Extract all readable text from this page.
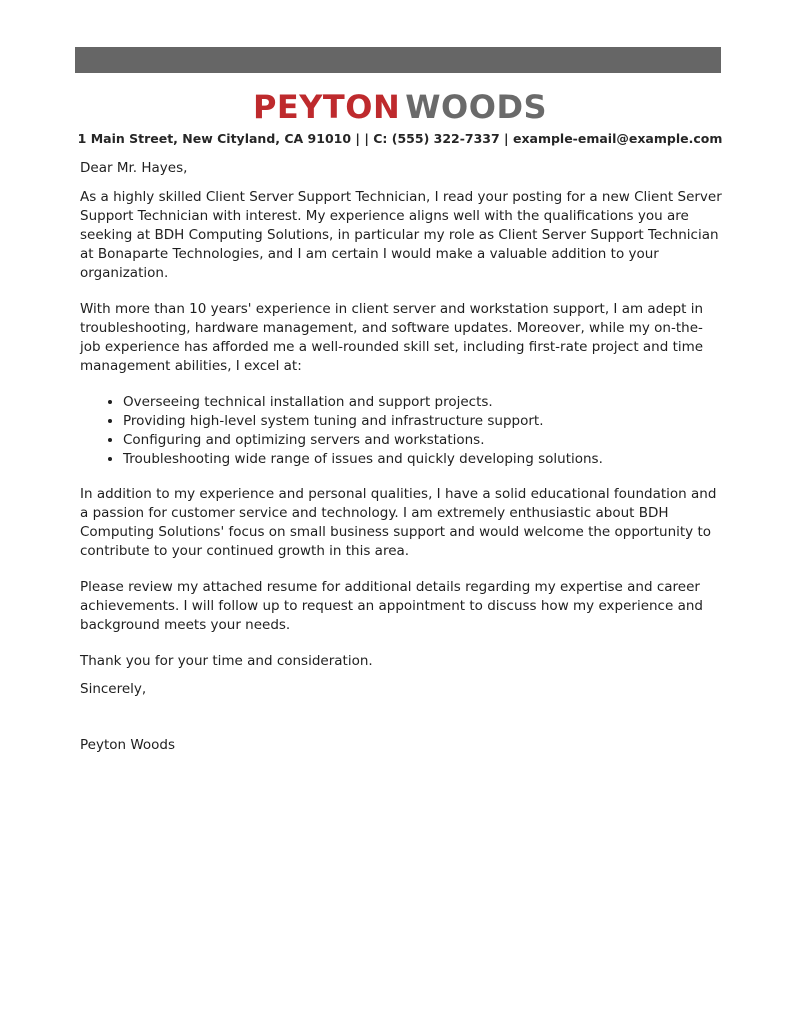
PEYTON WOODS
1 Main Street, New Cityland, CA 91010 | | C: (555) 322-7337 | example-email@example.com

Dear Mr. Hayes,

As a highly skilled Client Server Support Technician, I read your posting for a new Client Server Support Technician with interest. My experience aligns well with the qualifications you are seeking at BDH Computing Solutions, in particular my role as Client Server Support Technician at Bonaparte Technologies, and I am certain I would make a valuable addition to your organization.

With more than 10 years' experience in client server and workstation support, I am adept in troubleshooting, hardware management, and software updates. Moreover, while my on-the-job experience has afforded me a well-rounded skill set, including first-rate project and time management abilities, I excel at:

• Overseeing technical installation and support projects.
• Providing high-level system tuning and infrastructure support.
• Configuring and optimizing servers and workstations.
• Troubleshooting wide range of issues and quickly developing solutions.

In addition to my experience and personal qualities, I have a solid educational foundation and a passion for customer service and technology. I am extremely enthusiastic about BDH Computing Solutions' focus on small business support and would welcome the opportunity to contribute to your continued growth in this area.

Please review my attached resume for additional details regarding my expertise and career achievements. I will follow up to request an appointment to discuss how my experience and background meets your needs.

Thank you for your time and consideration.

Sincerely,

Peyton Woods
